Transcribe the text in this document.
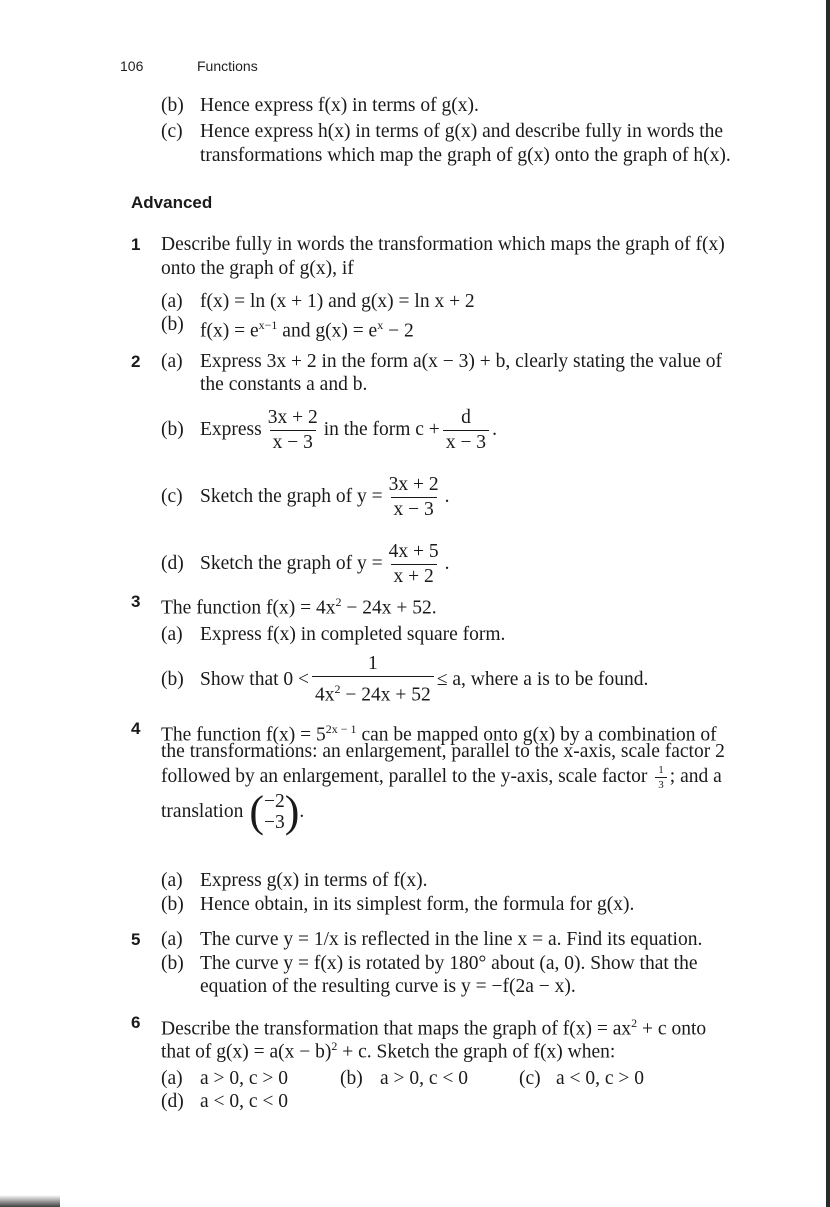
106	Functions
(b) Hence express f(x) in terms of g(x).
(c) Hence express h(x) in terms of g(x) and describe fully in words the
transformations which map the graph of g(x) onto the graph of h(x).
Advanced
1 Describe fully in words the transformation which maps the graph of f(x)
onto the graph of g(x), if
(a) f(x) = ln (x + 1) and g(x) = ln x + 2
(b) $f(x) = e^{x-1}$ and $g(x) = e^x - 2$
2 (a) Express 3x + 2 in the form a(x − 3) + b, clearly stating the value of
the constants a and b.
(b) Express $\frac{3x + 2}{x - 3}$ in the form $c + \frac{d}{x - 3}$ .
(c) Sketch the graph of $y = \frac{3x + 2}{x - 3}$ .
(d) Sketch the graph of $y = \frac{4x + 5}{x + 2}$ .
3 The function $f(x) = 4x^2 - 24x + 52$.
(a) Express f(x) in completed square form.
(b) Show that $0 < \frac{1}{4x^2 - 24x + 52} \le a$, where a is to be found.
4 The function $f(x) = 5^{2x - 1}$ can be mapped onto g(x) by a combination of
the transformations: an enlargement, parallel to the x-axis, scale factor 2
followed by an enlargement, parallel to the y-axis, scale factor $\frac{1}{3}$ ; and a
translation ( −2
−3 ) .
(a) Express g(x) in terms of f(x).
(b) Hence obtain, in its simplest form, the formula for g(x).
5 (a) The curve y = 1/x is reflected in the line x = a. Find its equation.
(b) The curve y = f(x) is rotated by 180° about (a, 0). Show that the
equation of the resulting curve is y = −f(2a − x).
6 Describe the transformation that maps the graph of $f(x) = ax^2 + c$ onto
that of $g(x) = a(x - b)^2 + c$. Sketch the graph of f(x) when:
(a) a > 0, c > 0	(b) a > 0, c < 0	(c) a < 0, c > 0
(d) a < 0, c < 0
